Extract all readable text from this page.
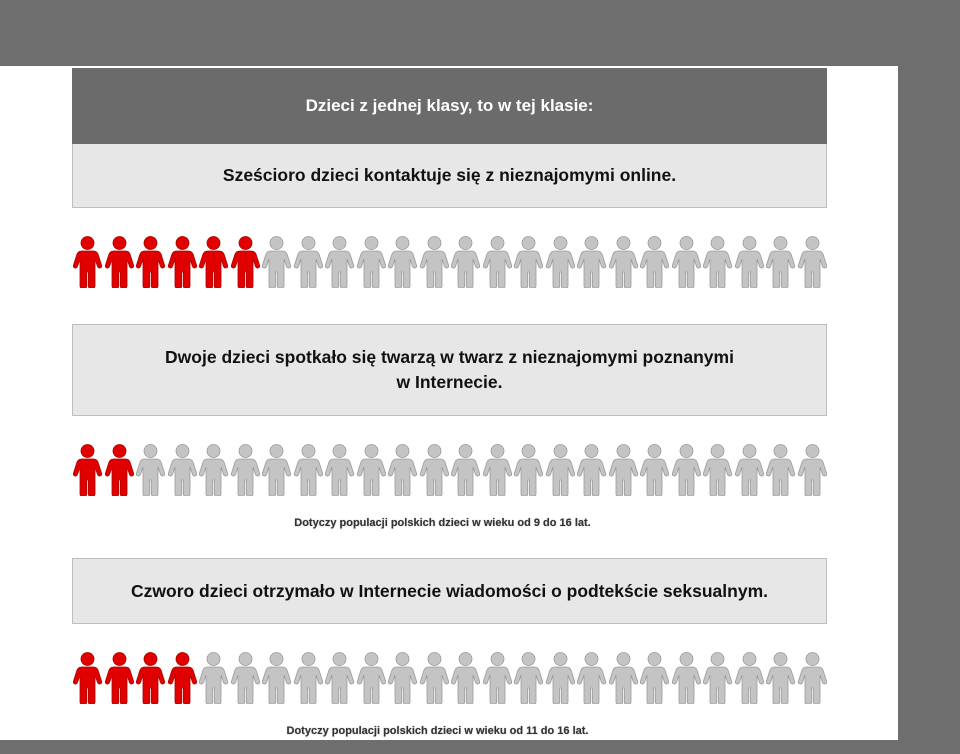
Dzieci z jednej klasy, to w tej klasie:
Sześcioro dzieci kontaktuje się z nieznajomymi online.
Dwoje dzieci spotkało się twarzą w twarz z nieznajomymi poznanymi
w Internecie.
Dotyczy populacji polskich dzieci w wieku od 9 do 16 lat.
Czworo dzieci otrzymało w Internecie wiadomości o podtekście seksualnym.
Dotyczy populacji polskich dzieci w wieku od 11 do 16 lat.
